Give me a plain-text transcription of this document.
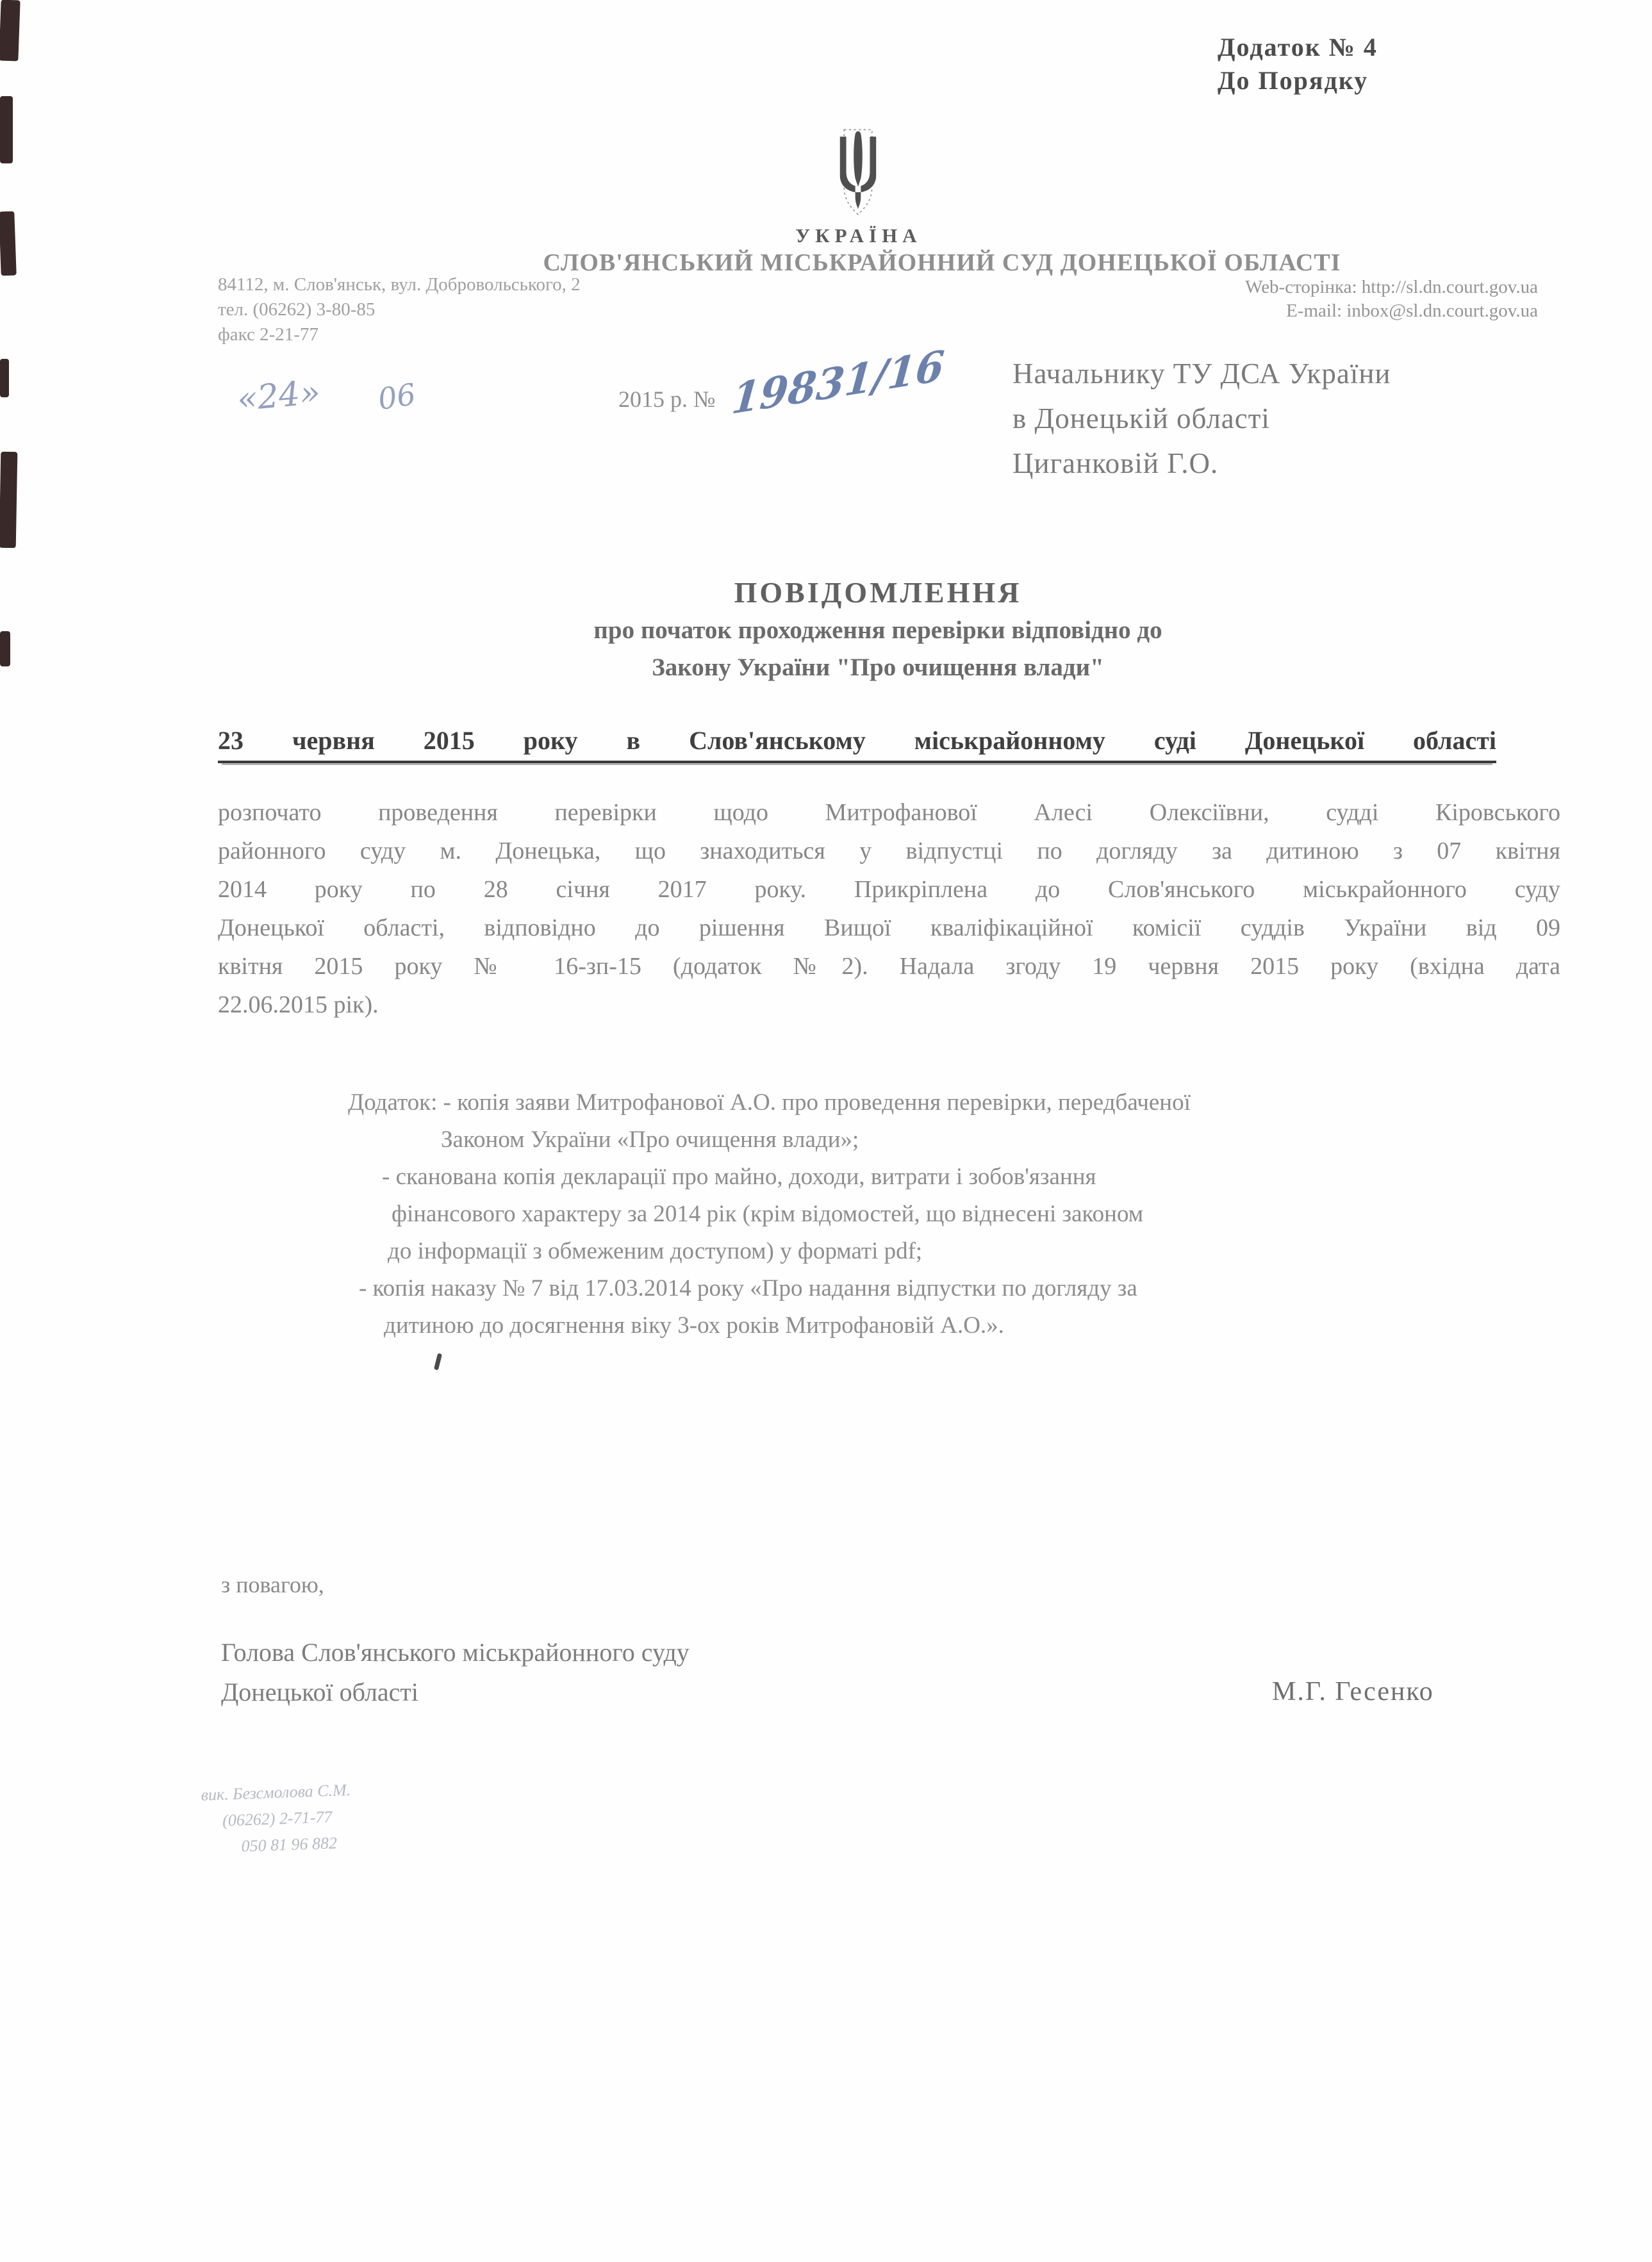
Додаток № 4
До Порядку
УКРАЇНА
СЛОВ'ЯНСЬКИЙ МІСЬКРАЙОННИЙ СУД ДОНЕЦЬКОЇ ОБЛАСТІ
84112, м. Слов'янськ, вул. Добровольського, 2
тел. (06262) 3-80-85
факс 2-21-77
Web-сторінка: http://sl.dn.court.gov.ua
E-mail: inbox@sl.dn.court.gov.ua
«24» 06	2015 р. № 19831/16 Начальнику ТУ ДСА України
в Донецькій області
Циганковій Г.О.
ПОВІДОМЛЕННЯ
про початок проходження перевірки відповідно до
Закону України "Про очищення влади"
23 червня 2015 року в Слов'янському міськрайонному суді Донецької області
розпочато проведення перевірки щодо Митрофанової Алесі Олексіївни, судді Кіровського
районного суду м. Донецька, що знаходиться у відпустці по догляду за дитиною з 07 квітня
2014 року по 28 січня 2017 року. Прикріплена до Слов'янського міськрайонного суду
Донецької області, відповідно до рішення Вищої кваліфікаційної комісії суддів України від 09
квітня 2015 року № 16-зп-15 (додаток №2). Надала згоду 19 червня 2015 року (вхідна дата
22.06.2015 рік).
Додаток: - копія заяви Митрофанової А.О. про проведення перевірки, передбаченої
Законом України «Про очищення влади»;
- сканована копія декларації про майно, доходи, витрати і зобов'язання
фінансового характеру за 2014 рік (крім відомостей, що віднесені законом
до інформації з обмеженим доступом) у форматі pdf;
- копія наказу № 7 від 17.03.2014 року «Про надання відпустки по догляду за
дитиною до досягнення віку 3-ох років Митрофановій А.О.».
з повагою,
Голова Слов'янського міськрайонного суду
Донецької області	М.Г. Гесенко
вик. Безсмолова С.М.
(06262) 2-71-77
050 81 96 882
